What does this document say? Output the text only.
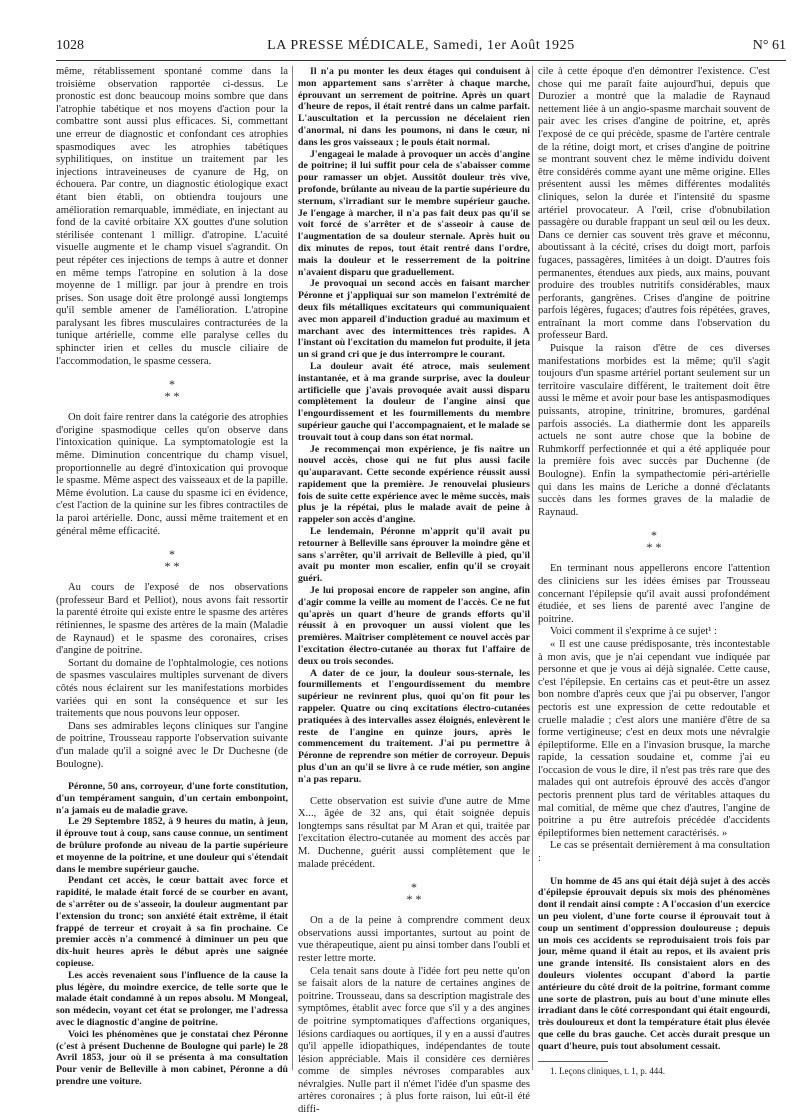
1028	LA PRESSE MÉDICALE, Samedi, 1er Août 1925	N° 61

même, rétablissement spontané comme dans la troisième observation rapportée ci-dessus. Le pronostic est donc beaucoup moins sombre que dans l'atrophie tabétique et nos moyens d'action pour la combattre sont aussi plus efficaces. Si, commettant une erreur de diagnostic et confondant ces atrophies spasmodiques avec les atrophies tabétiques syphilitiques, on institue un traitement par les injections intraveineuses de cyanure de Hg, on échouera. Par contre, un diagnostic étiologique exact étant bien établi, on obtiendra toujours une amélioration remarquable, immédiate, en injectant au fond de la cavité orbitaire XX gouttes d'une solution stérilisée contenant 1 milligr. d'atropine. L'acuité visuelle augmente et le champ visuel s'agrandit. On peut répéter ces injections de temps à autre et donner en même temps l'atropine en solution à la dose moyenne de 1 milligr. par jour à prendre en trois prises. Son usage doit être prolongé aussi longtemps qu'il semble amener de l'amélioration. L'atropine paralysant les fibres musculaires contracturées de la tunique artérielle, comme elle paralyse celles du sphincter irien et celles du muscle ciliaire de l'accommodation, le spasme cessera.

*
* *

On doit faire rentrer dans la catégorie des atrophies d'origine spasmodique celles qu'on observe dans l'intoxication quinique. La symptomatologie est la même. Diminution concentrique du champ visuel, proportionnelle au degré d'intoxication qui provoque le spasme. Même aspect des vaisseaux et de la papille. Même évolution. La cause du spasme ici en évidence, c'est l'action de la quinine sur les fibres contractiles de la paroi artérielle. Donc, aussi même traitement et en général même efficacité.

*
* *

Au cours de l'exposé de nos observations (professeur Bard et Pelliot), nous avons fait ressortir la parenté étroite qui existe entre le spasme des artères rétiniennes, le spasme des artères de la main (Maladie de Raynaud) et le spasme des coronaires, crises d'angine de poitrine.

Sortant du domaine de l'ophtalmologie, ces notions de spasmes vasculaires multiples survenant de divers côtés nous éclairent sur les manifestations morbides variées qui en sont la conséquence et sur les traitements que nous pouvons leur opposer.

Dans ses admirables leçons cliniques sur l'angine de poitrine, Trousseau rapporte l'observation suivante d'un malade qu'il a soigné avec le Dr Duchesne (de Boulogne).

Péronne, 50 ans, corroyeur, d'une forte constitution, d'un tempérament sanguin, d'un certain embonpoint, n'a jamais eu de maladie grave.

Le 29 Septembre 1852, à 9 heures du matin, à jeun, il éprouve tout à coup, sans cause connue, un sentiment de brûlure profonde au niveau de la partie supérieure et moyenne de la poitrine, et une douleur qui s'étendait dans le membre supérieur gauche.

Pendant cet accès, le cœur battait avec force et rapidité, le malade était forcé de se courber en avant, de s'arrêter ou de s'asseoir, la douleur augmentant par l'extension du tronc; son anxiété était extrême, il était frappé de terreur et croyait à sa fin prochaine. Ce premier accès n'a commencé à diminuer un peu que dix-huit heures après le début après une saignée copieuse.

Les accès revenaient sous l'influence de la cause la plus légère, du moindre exercice, de telle sorte que le malade était condamné à un repos absolu. M Mongeal, son médecin, voyant cet état se prolonger, me l'adressa avec le diagnostic d'angine de poitrine.

Voici les phénomènes que je constatai chez Péronne (c'est à présent Duchenne de Boulogne qui parle) le 28 Avril 1853, jour où il se présenta à ma consultation Pour venir de Belleville à mon cabinet, Péronne a dû prendre une voiture.

Il n'a pu monter les deux étages qui conduisent à mon appartement sans s'arrêter à chaque marche, éprouvant un serrement de poitrine. Après un quart d'heure de repos, il était rentré dans un calme parfait. L'auscultation et la percussion ne décelaient rien d'anormal, ni dans les poumons, ni dans le cœur, ni dans les gros vaisseaux ; le pouls était normal.

J'engageai le malade à provoquer un accès d'angine de poitrine; il lui suffit pour cela de s'abaisser comme pour ramasser un objet. Aussitôt douleur très vive, profonde, brûlante au niveau de la partie supérieure du sternum, s'irradiant sur le membre supérieur gauche. Je l'engage à marcher, il n'a pas fait deux pas qu'il se voit forcé de s'arrêter et de s'asseoir à cause de l'augmentation de sa douleur sternale. Après huit ou dix minutes de repos, tout était rentré dans l'ordre, mais la douleur et le resserrement de la poitrine n'avaient disparu que graduellement.

Je provoquai un second accès en faisant marcher Péronne et j'appliquai sur son mamelon l'extrémité de deux fils métalliques excitateurs qui communiquaient avec mon appareil d'induction gradué au maximum et marchant avec des intermittences très rapides. A l'instant où l'excitation du mamelon fut produite, il jeta un si grand cri que je dus interrompre le courant.

La douleur avait été atroce, mais seulement instantanée, et à ma grande surprise, avec la douleur artificielle que j'avais provoquée avait aussi disparu complètement la douleur de l'angine ainsi que l'engourdissement et les fourmillements du membre supérieur gauche qui l'accompagnaient, et le malade se trouvait tout à coup dans son état normal.

Je recommençai mon expérience, je fis naître un nouvel accès, chose qui ne fut plus aussi facile qu'auparavant. Cette seconde expérience réussit aussi rapidement que la première. Je renouvelai plusieurs fois de suite cette expérience avec le même succès, mais plus je la répétai, plus le malade avait de peine à rappeler son accès d'angine.

Le lendemain, Péronne m'apprit qu'il avait pu retourner à Belleville sans éprouver la moindre gêne et sans s'arrêter, qu'il arrivait de Belleville à pied, qu'il avait pu monter mon escalier, enfin qu'il se croyait guéri.

Je lui proposai encore de rappeler son angine, afin d'agir comme la veille au moment de l'accès. Ce ne fut qu'après un quart d'heure de grands efforts qu'il réussit à en provoquer un aussi violent que les premières. Maîtriser complètement ce nouvel accès par l'excitation électro-cutanée au thorax fut l'affaire de deux ou trois secondes.

A dater de ce jour, la douleur sous-sternale, les fourmillements et l'engourdissement du membre supérieur ne revinrent plus, quoi qu'on fit pour les rappeler. Quatre ou cinq excitations électro-cutanées pratiquées à des intervalles assez éloignés, enlevèrent le reste de l'angine en quinze jours, après le commencement du traitement. J'ai pu permettre à Péronne de reprendre son métier de corroyeur. Depuis plus d'un an qu'il se livre à ce rude métier, son angine n'a pas reparu.

Cette observation est suivie d'une autre de Mme X..., âgée de 32 ans, qui était soignée depuis longtemps sans résultat par M Aran et qui, traitée par l'excitation électro-cutanée au moment des accès par M. Duchenne, guérit aussi complètement que le malade précédent.

*
* *

On a de la peine à comprendre comment deux observations aussi importantes, surtout au point de vue thérapeutique, aient pu ainsi tomber dans l'oubli et rester lettre morte.

Cela tenait sans doute à l'idée fort peu nette qu'on se faisait alors de la nature de certaines angines de poitrine. Trousseau, dans sa description magistrale des symptômes, établit avec force que s'il y a des angines de poitrine symptomatiques d'affections organiques, lésions cardiaques ou aortiques, il y en a aussi d'autres qu'il appelle idiopathiques, indépendantes de toute lésion appréciable. Mais il considère ces dernières comme de simples névroses comparables aux névralgies. Nulle part il n'émet l'idée d'un spasme des artères coronaires ; à plus forte raison, lui eût-il été diffi-

cile à cette époque d'en démontrer l'existence. C'est chose qui me paraît faite aujourd'hui, depuis que Durozier a montré que la maladie de Raynaud nettement liée à un angio-spasme marchait souvent de pair avec les crises d'angine de poitrine, et, après l'exposé de ce qui précède, spasme de l'artère centrale de la rétine, doigt mort, et crises d'angine de poitrine se montrant souvent chez le même individu doivent être considérés comme ayant une même origine. Elles présentent aussi les mêmes différentes modalités cliniques, selon la durée et l'intensité du spasme artériel provocateur. A l'œil, crise d'obnubilation passagère ou durable frappant un seul œil ou les deux. Dans ce dernier cas souvent très grave et méconnu, aboutissant à la cécité, crises du doigt mort, parfois fugaces, passagères, limitées à un doigt. D'autres fois permanentes, étendues aux pieds, aux mains, pouvant produire des troubles nutritifs considérables, maux perforants, gangrènes. Crises d'angine de poitrine parfois légères, fugaces; d'autres fois répétées, graves, entraînant la mort comme dans l'observation du professeur Bard.

Puisque la raison d'être de ces diverses manifestations morbides est la même; qu'il s'agit toujours d'un spasme artériel portant seulement sur un territoire vasculaire différent, le traitement doit être aussi le même et avoir pour base les antispasmodiques puissants, atropine, trinitrine, bromures, gardénal parfois associés. La diathermie dont les appareils actuels ne sont autre chose que la bobine de Ruhmkorff perfectionnée et qui a été appliquée pour la première fois avec succès par Duchenne (de Boulogne). Enfin la sympathectomie péri-artérielle qui dans les mains de Leriche a donné d'éclatants succès dans les formes graves de la maladie de Raynaud.

*
* *

En terminant nous appellerons encore l'attention des cliniciens sur les idées émises par Trousseau concernant l'épilepsie qu'il avait aussi profondément étudiée, et ses liens de parenté avec l'angine de poitrine.

Voici comment il s'exprime à ce sujet¹ :

« Il est une cause prédisposante, très incontestable à mon avis, que je n'ai cependant vue indiquée par personne et que je vous ai déjà signalée. Cette cause, c'est l'épilepsie. En certains cas et peut-être un assez bon nombre d'après ceux que j'ai pu observer, l'angor pectoris est une expression de cette redoutable et cruelle maladie ; c'est alors une manière d'être de sa forme vertigineuse; c'est en deux mots une névralgie épileptiforme. Elle en a l'invasion brusque, la marche rapide, la cessation soudaine et, comme j'ai eu l'occasion de vous le dire, il n'est pas très rare que des malades qui ont autrefois éprouvé des accès d'angor pectoris prennent plus tard de véritables attaques du mal comitial, de même que chez d'autres, l'angine de poitrine a pu être autrefois précédée d'accidents épileptiformes bien nettement caractérisés. »

Le cas se présentait dernièrement à ma consultation :

Un homme de 45 ans qui était déjà sujet à des accès d'épilepsie éprouvait depuis six mois des phénomènes dont il rendait ainsi compte : A l'occasion d'un exercice un peu violent, d'une forte course il éprouvait tout à coup un sentiment d'oppression douloureuse ; depuis un mois ces accidents se reproduisaient trois fois par jour, même quand il était au repos, et ils avaient pris une grande intensité. Ils consistaient alors en des douleurs violentes occupant d'abord la partie antérieure du côté droit de la poitrine, formant comme une sorte de plastron, puis au bout d'une minute elles irradiant dans le côté correspondant qui était engourdi, très douloureux et dont la température était plus élevée que celle du bras gauche. Cet accès durait presque un quart d'heure, puis tout absolument cessait.

1. Leçons cliniques, t. 1, p. 444.
